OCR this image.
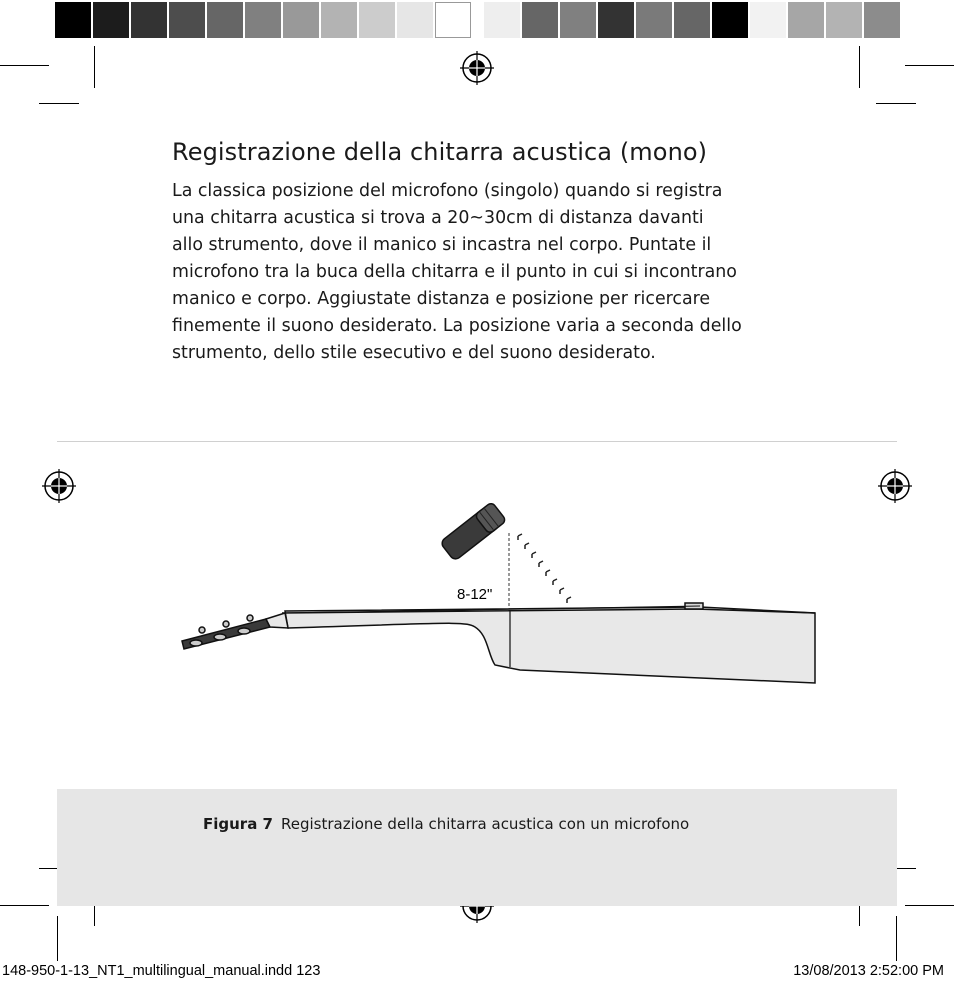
Registrazione della chitarra acustica (mono)
La classica posizione del microfono (singolo) quando si registra
una chitarra acustica si trova a 20~30cm di distanza davanti
allo strumento, dove il manico si incastra nel corpo. Puntate il
microfono tra la buca della chitarra e il punto in cui si incontrano
manico e corpo. Aggiustate distanza e posizione per ricercare
finemente il suono desiderato. La posizione varia a seconda dello
strumento, dello stile esecutivo e del suono desiderato.
8-12"
Figura 7 Registrazione della chitarra acustica con un microfono
148-950-1-13_NT1_multilingual_manual.indd 123	13/08/2013 2:52:00 PM
